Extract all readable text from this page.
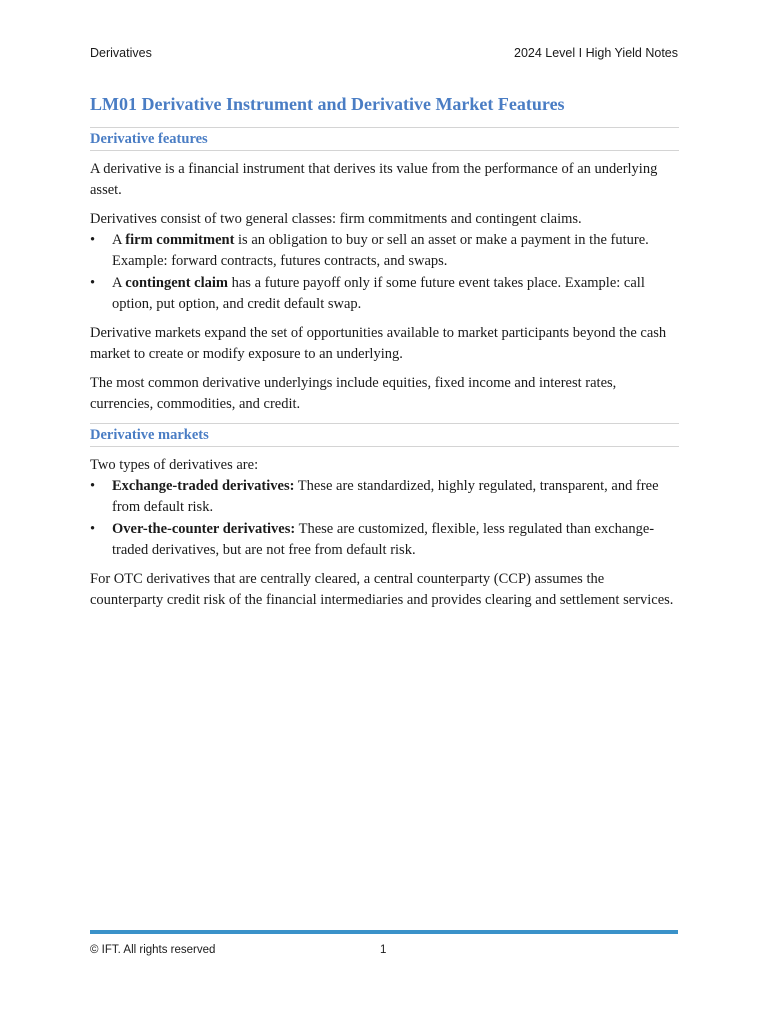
Derivatives	2024 Level I High Yield Notes
LM01 Derivative Instrument and Derivative Market Features
Derivative features

A derivative is a financial instrument that derives its value from the performance of an underlying asset.

Derivatives consist of two general classes: firm commitments and contingent claims.

• A firm commitment is an obligation to buy or sell an asset or make a payment in the future. Example: forward contracts, futures contracts, and swaps.
• A contingent claim has a future payoff only if some future event takes place. Example: call option, put option, and credit default swap.

Derivative markets expand the set of opportunities available to market participants beyond the cash market to create or modify exposure to an underlying.

The most common derivative underlyings include equities, fixed income and interest rates, currencies, commodities, and credit.

Derivative markets

Two types of derivatives are:

• Exchange-traded derivatives: These are standardized, highly regulated, transparent, and free from default risk.
• Over-the-counter derivatives: These are customized, flexible, less regulated than exchange-traded derivatives, but are not free from default risk.

For OTC derivatives that are centrally cleared, a central counterparty (CCP) assumes the counterparty credit risk of the financial intermediaries and provides clearing and settlement services.

© IFT. All rights reserved	1
